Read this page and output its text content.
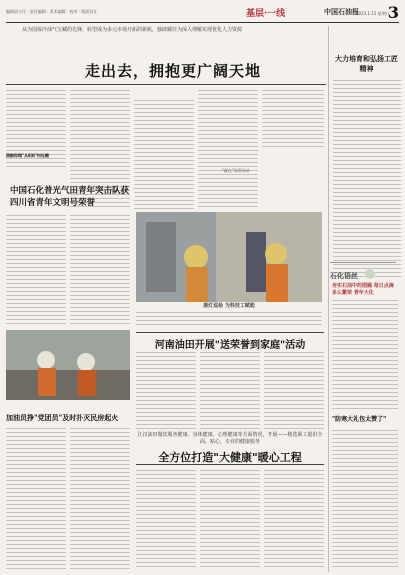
编辑部主任 · 责任编辑 · 美术编辑 · 校对 · 版面设计	基层·一线	中国石油报
2023.1.15 星期日
3
从为国保冷油气宝藏的先锋，转型成为多元市场开拓的新航，独辟蹊径为深入理解实现优化人力资源
走出去，拥抱更广阔天地
借群仰翔"从E到"何处翱
中国石化普光气田青年突击队获四川省青年文明号荣誉
"就在"而用场站
提灯巡检 为科技工赋能
河南油田开展"送荣誉到家庭"活动
加油员挣"党团员"及时扑灭民房起火
江汉油田餐饮服务健康、身体健康、心理健康等方面情况，开展——精选职工提供全面，贴心，专业的健康服务
全方位打造"大健康"暖心工程
大力培育和弘扬工匠精神
石化语丝
夯实石油中的图腾 每日点滴多么繁荣 青年大化
"防寒大礼包太赞了"
